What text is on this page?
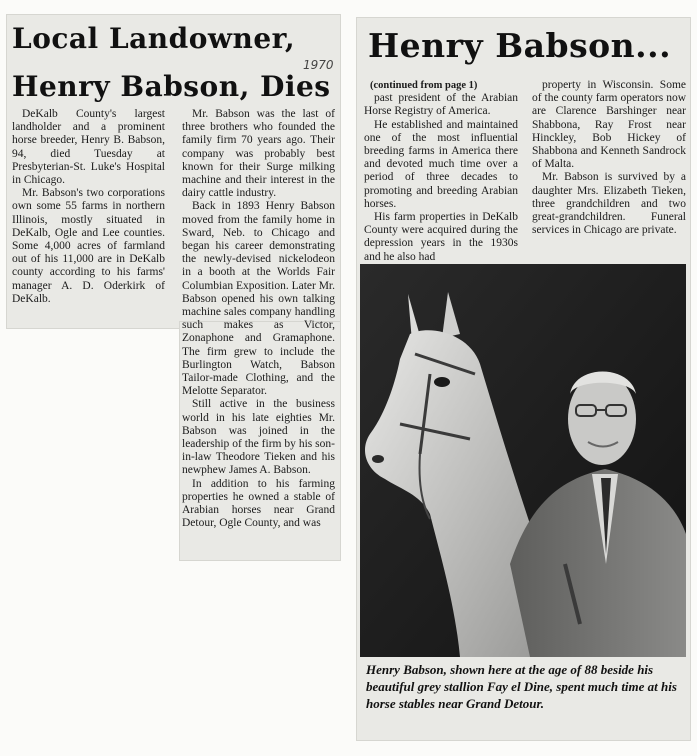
Local Landowner,
Henry Babson, Dies
1970

DeKalb County's largest landholder and a prominent horse breeder, Henry B. Babson, 94, died Tuesday at Presbyterian-St. Luke's Hospital in Chicago.

Mr. Babson's two corporations own some 55 farms in northern Illinois, mostly situated in DeKalb, Ogle and Lee counties. Some 4,000 acres of farmland out of his 11,000 are in DeKalb county according to his farms' manager A. D. Oderkirk of DeKalb.

Mr. Babson was the last of three brothers who founded the family firm 70 years ago. Their company was probably best known for their Surge milking machine and their interest in the dairy cattle industry.

Back in 1893 Henry Babson moved from the family home in Sward, Neb. to Chicago and began his career demonstrating the newly-devised nickelodeon in a booth at the Worlds Fair Columbian Exposition. Later Mr. Babson opened his own talking machine sales company handling such makes as Victor, Zonaphone and Gramaphone. The firm grew to include the Burlington Watch, Babson Tailor-made Clothing, and the Melotte Separator.

Still active in the business world in his late eighties Mr. Babson was joined in the leadership of the firm by his son-in-law Theodore Tieken and his newphew James A. Babson.

In addition to his farming properties he owned a stable of Arabian horses near Grand Detour, Ogle County, and was

Henry Babson...

(continued from page 1)

past president of the Arabian Horse Registry of America.

He established and maintained one of the most influential breeding farms in America there and devoted much time over a period of three decades to promoting and breeding Arabian horses.

His farm properties in DeKalb County were acquired during the depression years in the 1930s and he also had

property in Wisconsin. Some of the county farm operators now are Clarence Barshinger near Shabbona, Ray Frost near Hinckley, Bob Hickey of Shabbona and Kenneth Sandrock of Malta.

Mr. Babson is survived by a daughter Mrs. Elizabeth Tieken, three grandchildren and two great-grandchildren. Funeral services in Chicago are private.

Henry Babson, shown here at the age of 88 beside his beautiful grey stallion Fay el Dine, spent much time at his horse stables near Grand Detour.
